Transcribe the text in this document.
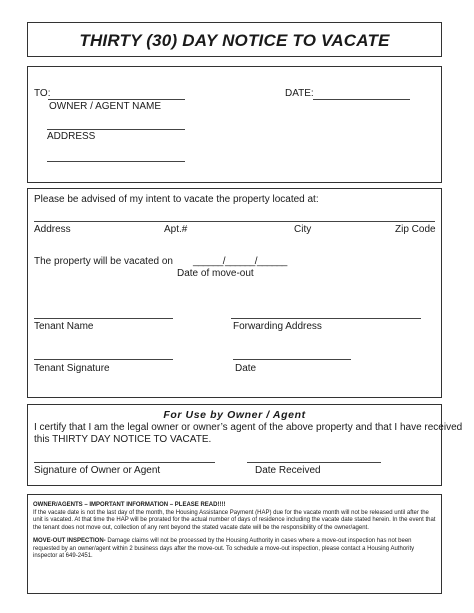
THIRTY (30) DAY NOTICE TO VACATE
TO:
OWNER / AGENT NAME
ADDRESS
DATE:
Please be advised of my intent to vacate the property located at:
Address	Apt.#	City	Zip Code
The property will be vacated on ______/______/______
Date of move-out
Tenant Name	Forwarding Address
Tenant Signature	Date
For Use by Owner / Agent
I certify that I am the legal owner or owner’s agent of the above property and that I have received
this THIRTY DAY NOTICE TO VACATE.
Signature of Owner or Agent	Date Received
OWNER/AGENTS – IMPORTANT INFORMATION – PLEASE READ!!!!
If the vacate date is not the last day of the month, the Housing Assistance Payment (HAP) due for the vacate month will not be released until after the unit is vacated. At that time the HAP will be prorated for the actual number of days of residence including the vacate date stated herein. In the event that the tenant does not move out, collection of any rent beyond the stated vacate date will be the responsibility of the owner/agent.
MOVE-OUT INSPECTION- Damage claims will not be processed by the Housing Authority in cases where a move-out inspection has not been requested by an owner/agent within 2 business days after the move-out. To schedule a move-out inspection, please contact a Housing Authority inspector at 649-2451.
